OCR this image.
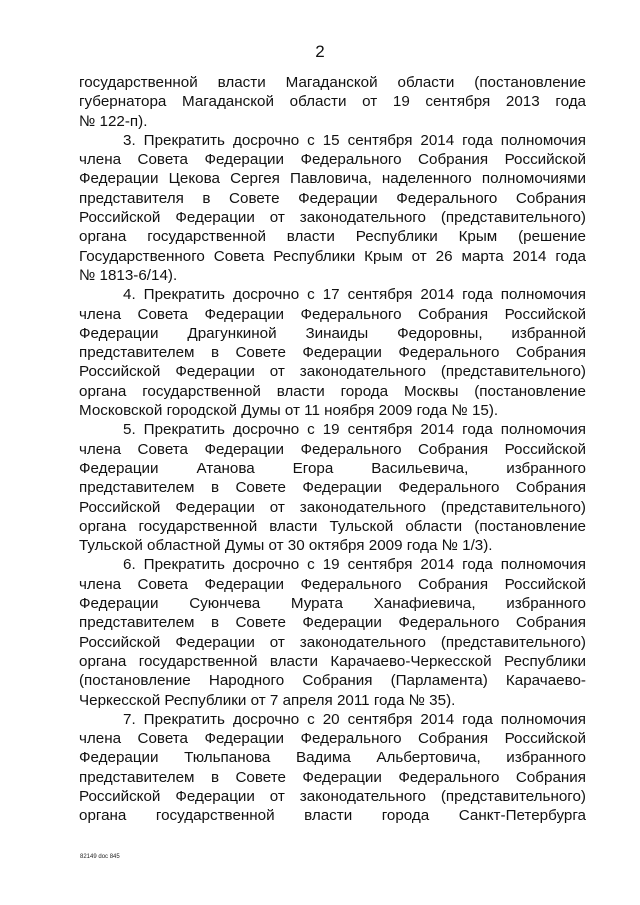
2
государственной власти Магаданской области (постановление
губернатора Магаданской области от 19 сентября 2013 года
№ 122-п).
3. Прекратить досрочно с 15 сентября 2014 года полномочия
члена Совета Федерации Федерального Собрания Российской
Федерации Цекова Сергея Павловича, наделенного полномочиями
представителя в Совете Федерации Федерального Собрания
Российской Федерации от законодательного (представительного)
органа государственной власти Республики Крым (решение
Государственного Совета Республики Крым от 26 марта 2014 года
№ 1813-6/14).
4. Прекратить досрочно с 17 сентября 2014 года полномочия
члена Совета Федерации Федерального Собрания Российской
Федерации Драгункиной Зинаиды Федоровны, избранной
представителем в Совете Федерации Федерального Собрания
Российской Федерации от законодательного (представительного)
органа государственной власти города Москвы (постановление
Московской городской Думы от 11 ноября 2009 года № 15).
5. Прекратить досрочно с 19 сентября 2014 года полномочия
члена Совета Федерации Федерального Собрания Российской
Федерации Атанова Егора Васильевича, избранного
представителем в Совете Федерации Федерального Собрания
Российской Федерации от законодательного (представительного)
органа государственной власти Тульской области (постановление
Тульской областной Думы от 30 октября 2009 года № 1/3).
6. Прекратить досрочно с 19 сентября 2014 года полномочия
члена Совета Федерации Федерального Собрания Российской
Федерации Суюнчева Мурата Ханафиевича, избранного
представителем в Совете Федерации Федерального Собрания
Российской Федерации от законодательного (представительного)
органа государственной власти Карачаево-Черкесской Республики
(постановление Народного Собрания (Парламента) Карачаево-
Черкесской Республики от 7 апреля 2011 года № 35).
7. Прекратить досрочно с 20 сентября 2014 года полномочия
члена Совета Федерации Федерального Собрания Российской
Федерации Тюльпанова Вадима Альбертовича, избранного
представителем в Совете Федерации Федерального Собрания
Российской Федерации от законодательного (представительного)
органа государственной власти города Санкт-Петербурга
82149 doc 845
